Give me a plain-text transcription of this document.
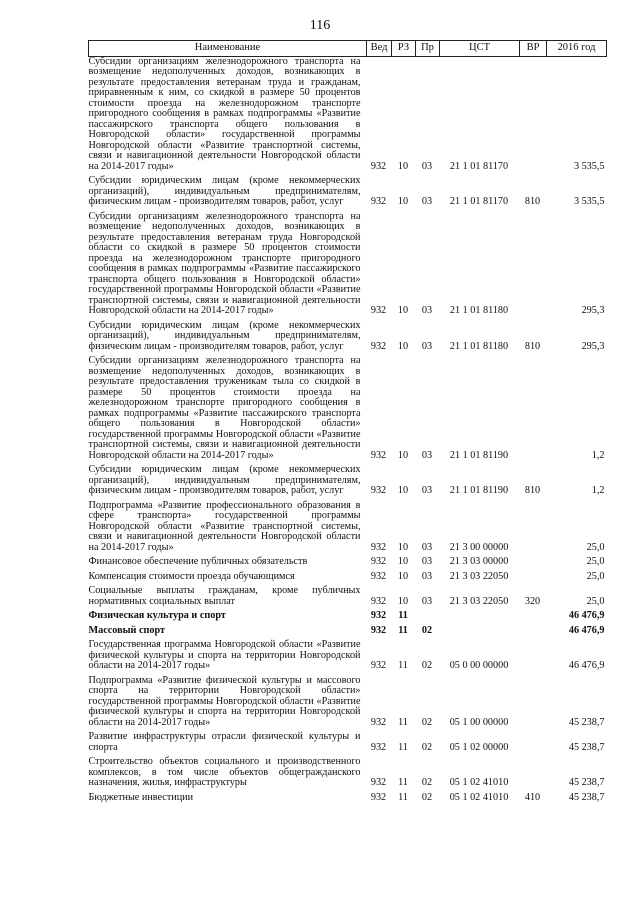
116
Наименование	Вед	РЗ	Пр	ЦСТ	ВР	2016 год
Субсидии организациям железнодорожного транспорта на возмещение недополученных доходов, возникающих в результате предоставления ветеранам труда и гражданам, приравненным к ним, со скидкой в размере 50 процентов стоимости проезда на железнодорожном транспорте пригородного сообщения в рамках подпрограммы «Развитие пассажирского транспорта общего пользования в Новгородской области» государственной программы Новгородской области «Развитие транспортной системы, связи и навигационной деятельности Новгородской области на 2014-2017 годы»	932	10	03	21 1 01 81170		3 535,5
Субсидии юридическим лицам (кроме некоммерческих организаций), индивидуальным предпринимателям, физическим лицам - производителям товаров, работ, услуг	932	10	03	21 1 01 81170	810	3 535,5
Субсидии организациям железнодорожного транспорта на возмещение недополученных доходов, возникающих в результате предоставления ветеранам труда Новгородской области со скидкой в размере 50 процентов стоимости проезда на железнодорожном транспорте пригородного сообщения в рамках подпрограммы «Развитие пассажирского транспорта общего пользования в Новгородской области» государственной программы Новгородской области «Развитие транспортной системы, связи и навигационной деятельности Новгородской области на 2014-2017 годы»	932	10	03	21 1 01 81180		295,3
Субсидии юридическим лицам (кроме некоммерческих организаций), индивидуальным предпринимателям, физическим лицам - производителям товаров, работ, услуг	932	10	03	21 1 01 81180	810	295,3
Субсидии организациям железнодорожного транспорта на возмещение недополученных доходов, возникающих в результате предоставления труженикам тыла со скидкой в размере 50 процентов стоимости проезда на железнодорожном транспорте пригородного сообщения в рамках подпрограммы «Развитие пассажирского транспорта общего пользования в Новгородской области» государственной программы Новгородской области «Развитие транспортной системы, связи и навигационной деятельности Новгородской области на 2014-2017 годы»	932	10	03	21 1 01 81190		1,2
Субсидии юридическим лицам (кроме некоммерческих организаций), индивидуальным предпринимателям, физическим лицам - производителям товаров, работ, услуг	932	10	03	21 1 01 81190	810	1,2
Подпрограмма «Развитие профессионального образования в сфере транспорта» государственной программы Новгородской области «Развитие транспортной системы, связи и навигационной деятельности Новгородской области на 2014-2017 годы»	932	10	03	21 3 00 00000		25,0
Финансовое обеспечение публичных обязательств	932	10	03	21 3 03 00000		25,0
Компенсация стоимости проезда обучающимся	932	10	03	21 3 03 22050		25,0
Социальные выплаты гражданам, кроме публичных нормативных социальных выплат	932	10	03	21 3 03 22050	320	25,0
Физическая культура и спорт	932	11				46 476,9
Массовый спорт	932	11	02			46 476,9
Государственная программа Новгородской области «Развитие физической культуры и спорта на территории Новгородской области на 2014-2017 годы»	932	11	02	05 0 00 00000		46 476,9
Подпрограмма «Развитие физической культуры и массового спорта на территории Новгородской области» государственной программы Новгородской области «Развитие физической культуры и спорта на территории Новгородской области на 2014-2017 годы»	932	11	02	05 1 00 00000		45 238,7
Развитие инфраструктуры отрасли физической культуры и спорта	932	11	02	05 1 02 00000		45 238,7
Строительство объектов социального и производственного комплексов, в том числе объектов общегражданского назначения, жилья, инфраструктуры	932	11	02	05 1 02 41010		45 238,7
Бюджетные инвестиции	932	11	02	05 1 02 41010	410	45 238,7
